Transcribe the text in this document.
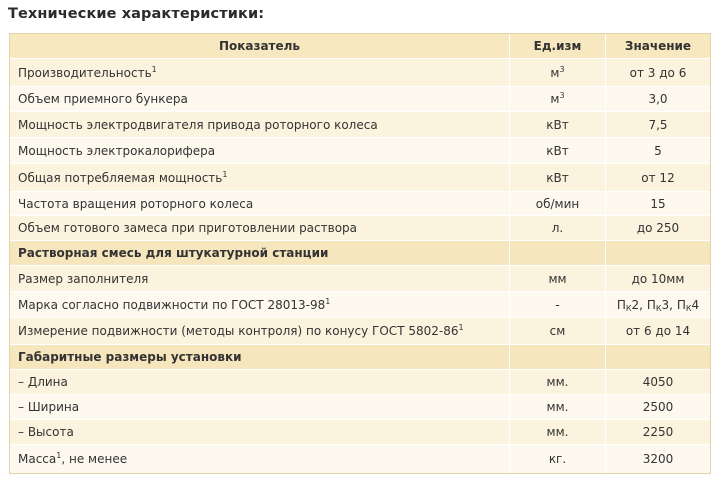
Технические характеристики:
Показатель	Ед.изм	Значение
Производительность$^1$	$м^3$	от 3 до 6
Объем приемного бункера	$м^3$	3,0
Мощность электродвигателя привода роторного колеса	кВт	7,5
Мощность электрокалорифера	кВт	5
Общая потребляемая мощность$^1$	кВт	от 12
Частота вращения роторного колеса	об/мин	15
Объем готового замеса при приготовлении раствора	л.	до 250
Растворная смесь для штукатурной станции		
Размер заполнителя	мм	до 10мм
Марка согласно подвижности по ГОСТ $28013-98^1$	-	$П_К2$, $П_К3$, $П_К4$
Измерение подвижности (методы контроля) по конусу ГОСТ $5802-86^1$	см	от 6 до 14
Габаритные размеры установки		
– Длина	мм.	4050
– Ширина	мм.	2500
– Высота	мм.	2250
Масса$^1$, не менее	кг.	3200
